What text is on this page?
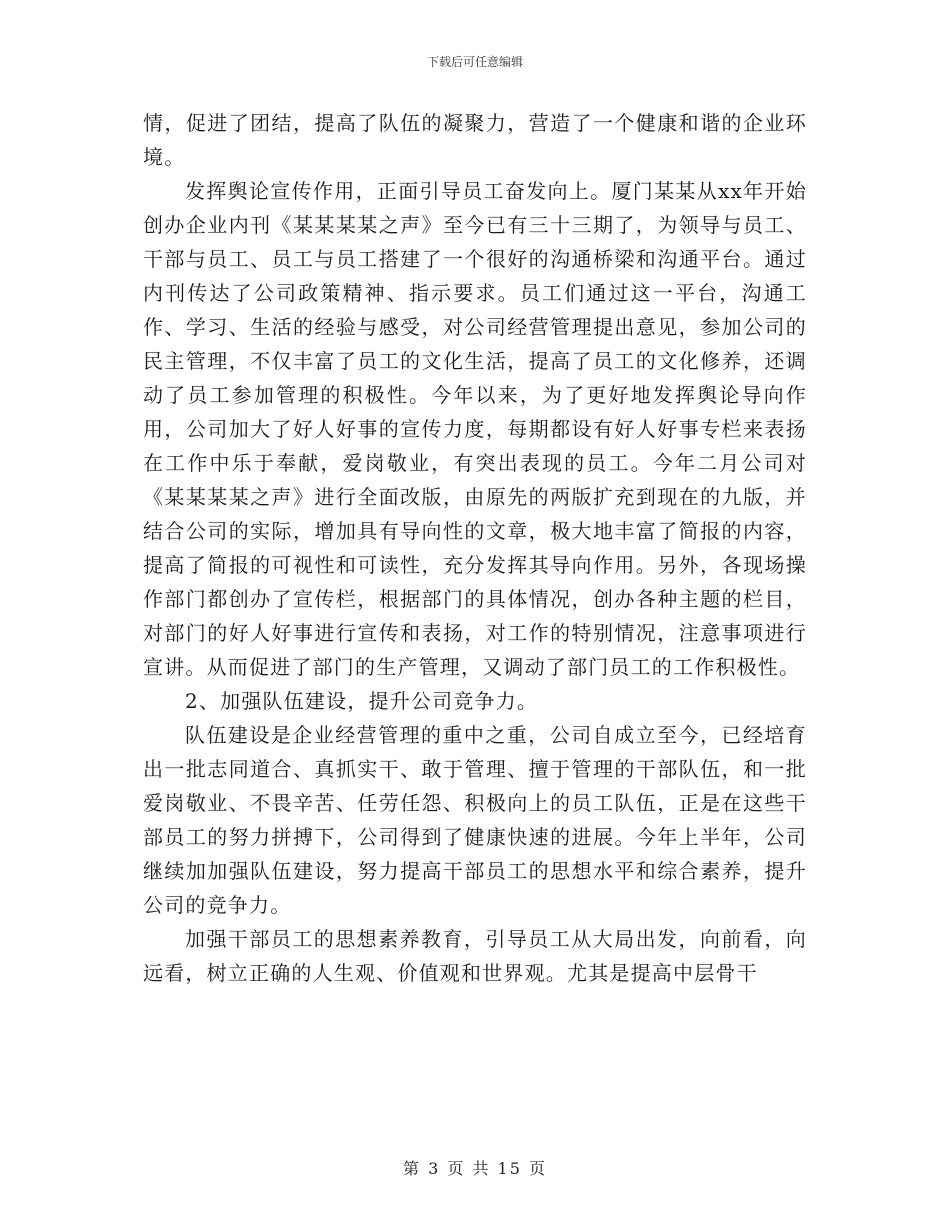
下载后可任意编辑

情，促进了团结，提高了队伍的凝聚力，营造了一个健康和谐的企业环境。

发挥舆论宣传作用，正面引导员工奋发向上。厦门某某从xx年开始创办企业内刊《某某某某之声》至今已有三十三期了，为领导与员工、干部与员工、员工与员工搭建了一个很好的沟通桥梁和沟通平台。通过内刊传达了公司政策精神、指示要求。员工们通过这一平台，沟通工作、学习、生活的经验与感受，对公司经营管理提出意见，参加公司的民主管理，不仅丰富了员工的文化生活，提高了员工的文化修养，还调动了员工参加管理的积极性。今年以来，为了更好地发挥舆论导向作用，公司加大了好人好事的宣传力度，每期都设有好人好事专栏来表扬在工作中乐于奉献，爱岗敬业，有突出表现的员工。今年二月公司对《某某某某之声》进行全面改版，由原先的两版扩充到现在的九版，并结合公司的实际，增加具有导向性的文章，极大地丰富了简报的内容，提高了简报的可视性和可读性，充分发挥其导向作用。另外，各现场操作部门都创办了宣传栏，根据部门的具体情况，创办各种主题的栏目，对部门的好人好事进行宣传和表扬，对工作的特别情况，注意事项进行宣讲。从而促进了部门的生产管理，又调动了部门员工的工作积极性。

2、加强队伍建设，提升公司竞争力。

队伍建设是企业经营管理的重中之重，公司自成立至今，已经培育出一批志同道合、真抓实干、敢于管理、擅于管理的干部队伍，和一批爱岗敬业、不畏辛苦、任劳任怨、积极向上的员工队伍，正是在这些干部员工的努力拼搏下，公司得到了健康快速的进展。今年上半年，公司继续加加强队伍建设，努力提高干部员工的思想水平和综合素养，提升公司的竞争力。

加强干部员工的思想素养教育，引导员工从大局出发，向前看，向远看，树立正确的人生观、价值观和世界观。尤其是提高中层骨干

第 3 页 共 15 页
